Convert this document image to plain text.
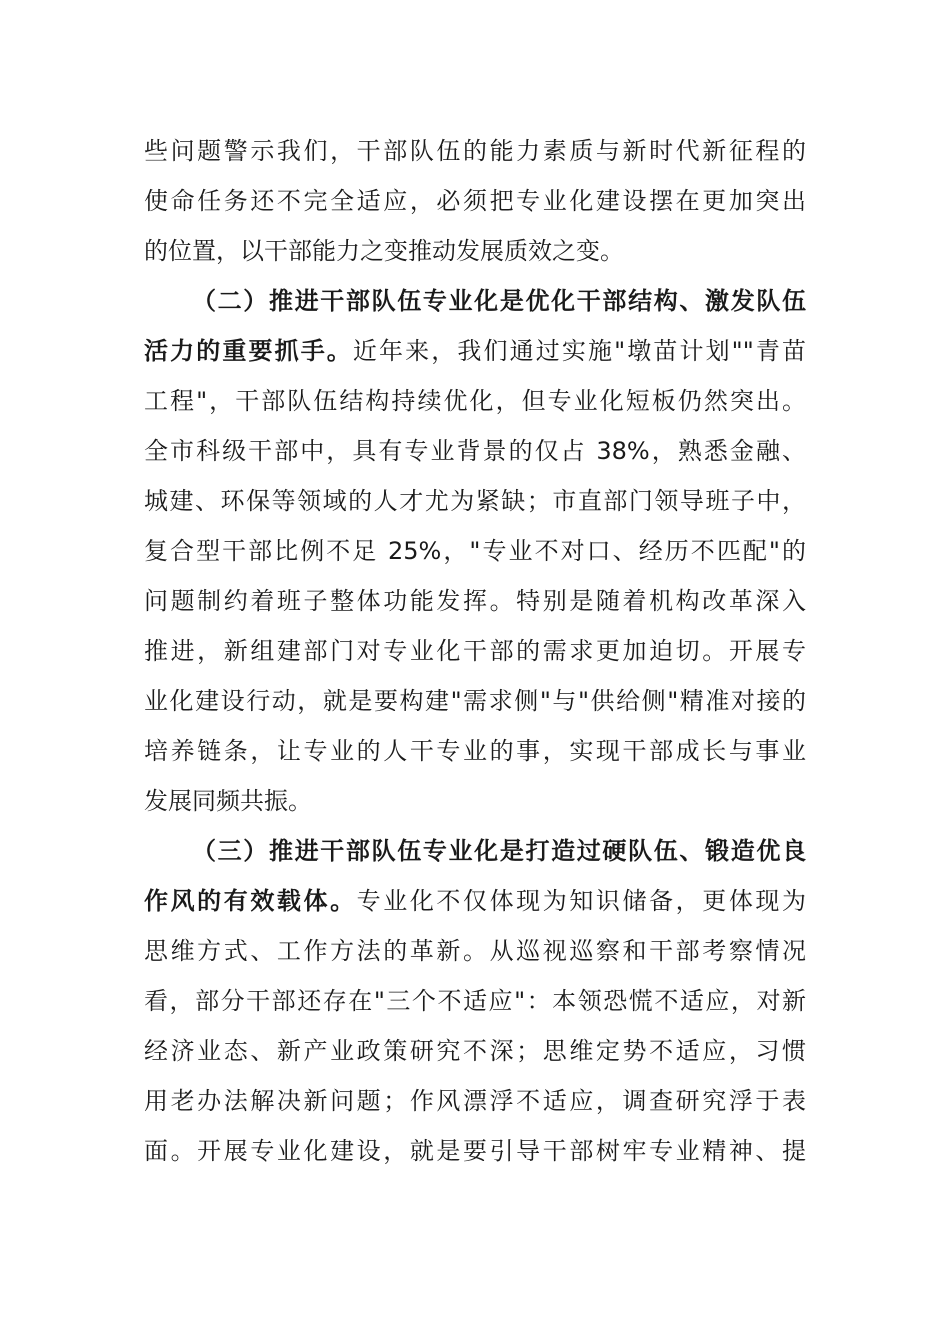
些问题警示我们，干部队伍的能力素质与新时代新征程的
使命任务还不完全适应，必须把专业化建设摆在更加突出
的位置，以干部能力之变推动发展质效之变。
（二）推进干部队伍专业化是优化干部结构、激发队伍
活力的重要抓手。近年来，我们通过实施"墩苗计划""青苗
工程"，干部队伍结构持续优化，但专业化短板仍然突出。
全市科级干部中，具有专业背景的仅占 38%，熟悉金融、
城建、环保等领域的人才尤为紧缺；市直部门领导班子中，
复合型干部比例不足 25%，"专业不对口、经历不匹配"的
问题制约着班子整体功能发挥。特别是随着机构改革深入
推进，新组建部门对专业化干部的需求更加迫切。开展专
业化建设行动，就是要构建"需求侧"与"供给侧"精准对接的
培养链条，让专业的人干专业的事，实现干部成长与事业
发展同频共振。
（三）推进干部队伍专业化是打造过硬队伍、锻造优良
作风的有效载体。专业化不仅体现为知识储备，更体现为
思维方式、工作方法的革新。从巡视巡察和干部考察情况
看，部分干部还存在"三个不适应"：本领恐慌不适应，对新
经济业态、新产业政策研究不深；思维定势不适应，习惯
用老办法解决新问题；作风漂浮不适应，调查研究浮于表
面。开展专业化建设，就是要引导干部树牢专业精神、提
